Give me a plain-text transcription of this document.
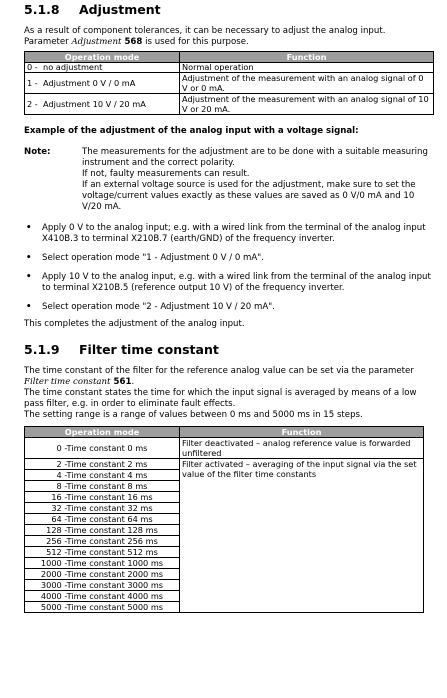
5.1.8	Adjustment

As a result of component tolerances, it can be necessary to adjust the analog input.

Parameter Adjustment 568 is used for this purpose.

Operation mode	Function
0 - no adjustment	Normal operation
1 - Adjustment 0 V / 0 mA	Adjustment of the measurement with an analog signal of 0 V or 0 mA.
2 - Adjustment 10 V / 20 mA	Adjustment of the measurement with an analog signal of 10 V or 20 mA.

Example of the adjustment of the analog input with a voltage signal:

Note:	The measurements for the adjustment are to be done with a suitable measuring instrument and the correct polarity.
If not, faulty measurements can result.
If an external voltage source is used for the adjustment, make sure to set the voltage/current values exactly as these values are saved as 0 V/0 mA and 10 V/20 mA.
• Apply 0 V to the analog input; e.g. with a wired link from the terminal of the analog input X410B.3 to terminal X210B.7 (earth/GND) of the frequency inverter.
• Select operation mode "1 - Adjustment 0 V / 0 mA".
• Apply 10 V to the analog input, e.g. with a wired link from the terminal of the analog input to terminal X210B.5 (reference output 10 V) of the frequency inverter.
• Select operation mode "2 - Adjustment 10 V / 20 mA".

This completes the adjustment of the analog input.

5.1.9	Filter time constant

The time constant of the filter for the reference analog value can be set via the parameter Filter time constant 561.

The time constant states the time for which the input signal is averaged by means of a low pass filter, e.g. in order to eliminate fault effects.

The setting range is a range of values between 0 ms and 5000 ms in 15 steps.

Operation mode	Function
0 -Time constant 0 ms	Filter deactivated – analog reference value is forwarded unfiltered
2 -Time constant 2 ms	Filter activated – averaging of the input signal via the set value of the filter time constants
4 -Time constant 4 ms	
8 -Time constant 8 ms	
16 -Time constant 16 ms	
32 -Time constant 32 ms	
64 -Time constant 64 ms	
128 -Time constant 128 ms	
256 -Time constant 256 ms	
512 -Time constant 512 ms	
1000 -Time constant 1000 ms	
2000 -Time constant 2000 ms	
3000 -Time constant 3000 ms	
4000 -Time constant 4000 ms	
5000 -Time constant 5000 ms	
